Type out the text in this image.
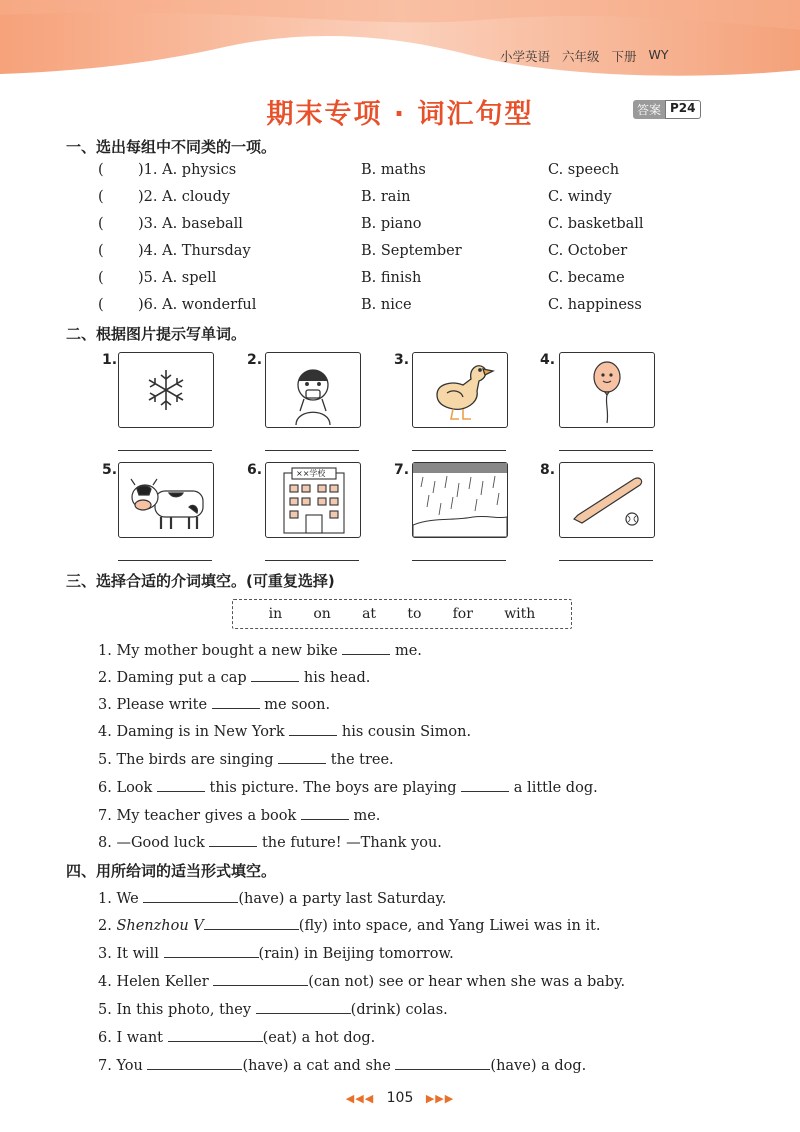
小学英语 六年级 下册 WY
期末专项 · 词汇句型	答案 P24
一、选出每组中不同类的一项。
( )1. A. physics	B. maths	C. speech
( )2. A. cloudy	B. rain	C. windy
( )3. A. baseball	B. piano	C. basketball
( )4. A. Thursday	B. September	C. October
( )5. A. spell	B. finish	C. became
( )6. A. wonderful	B. nice	C. happiness
二、根据图片提示写单词。
1.	2.	3.	4.
5.	6.	××学校	7.	8.
三、选择合适的介词填空。(可重复选择)
in on at to for with
1. My mother bought a new bike	me.
2. Daming put a cap	his head.
3. Please write	me soon.
4. Daming is in New York	his cousin Simon.
5. The birds are singing	the tree.
6. Look	this picture. The boys are playing	a little dog.
7. My teacher gives a book	me.
8. —Good luck	the future! —Thank you.
四、用所给词的适当形式填空。
1. We	(have) a party last Saturday.
2. Shenzhou V	(fly) into space, and Yang Liwei was in it.
3. It will	(rain) in Beijing tomorrow.
4. Helen Keller	(can not) see or hear when she was a baby.
5. In this photo, they	(drink) colas.
6. I want	(eat) a hot dog.
7. You	(have) a cat and she	(have) a dog.
◀◀◀ 105 ▶▶▶
